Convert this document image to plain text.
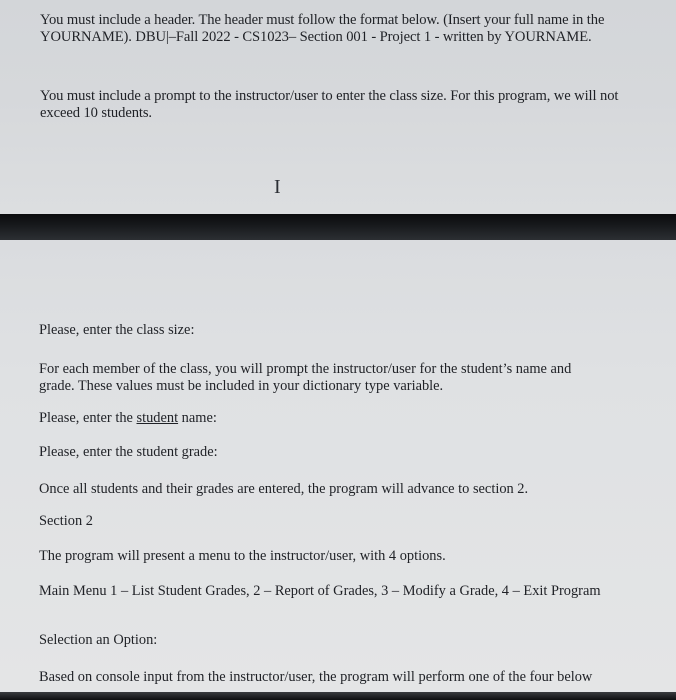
You must include a header. The header must follow the format below. (Insert your full name in the YOURNAME). DBU|–Fall 2022 - CS1023– Section 001 - Project 1 - written by YOURNAME.

You must include a prompt to the instructor/user to enter the class size. For this program, we will not exceed 10 students.

I

Please, enter the class size:

For each member of the class, you will prompt the instructor/user for the student’s name and grade. These values must be included in your dictionary type variable.

Please, enter the student name:

Please, enter the student grade:

Once all students and their grades are entered, the program will advance to section 2.

Section 2

The program will present a menu to the instructor/user, with 4 options.

Main Menu 1 – List Student Grades, 2 – Report of Grades, 3 – Modify a Grade, 4 – Exit Program

Selection an Option:

Based on console input from the instructor/user, the program will perform one of the four below
